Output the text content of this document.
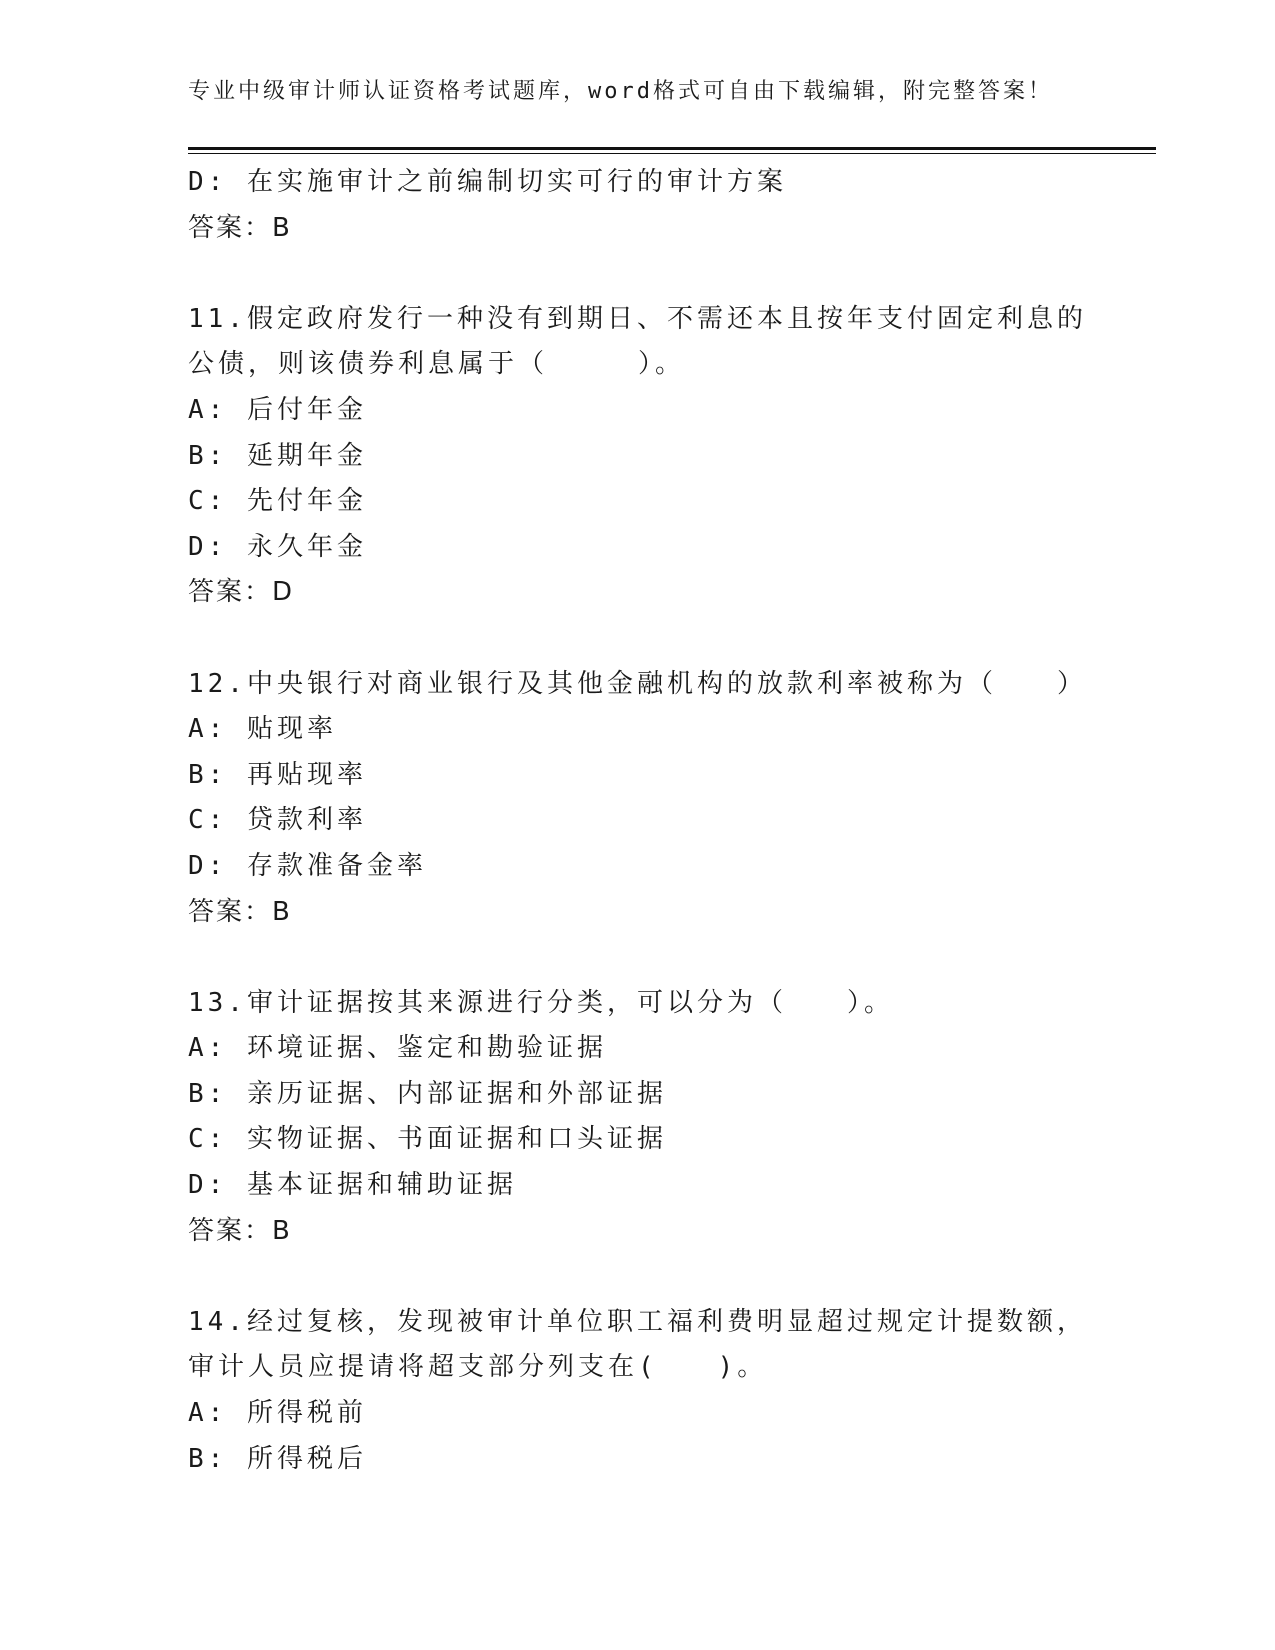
专业中级审计师认证资格考试题库，word格式可自由下载编辑，附完整答案！
D: 在实施审计之前编制切实可行的审计方案
答案：B
11.假定政府发行一种没有到期日、不需还本且按年支付固定利息的公债，则该债券利息属于（　　　）。
A: 后付年金
B: 延期年金
C: 先付年金
D: 永久年金
答案：D
12.中央银行对商业银行及其他金融机构的放款利率被称为（　　）
A: 贴现率
B: 再贴现率
C: 贷款利率
D: 存款准备金率
答案：B
13.审计证据按其来源进行分类，可以分为（　　）。
A: 环境证据、鉴定和勘验证据
B: 亲历证据、内部证据和外部证据
C: 实物证据、书面证据和口头证据
D: 基本证据和辅助证据
答案：B
14.经过复核，发现被审计单位职工福利费明显超过规定计提数额，审计人员应提请将超支部分列支在(　　)。
A: 所得税前
B: 所得税后
